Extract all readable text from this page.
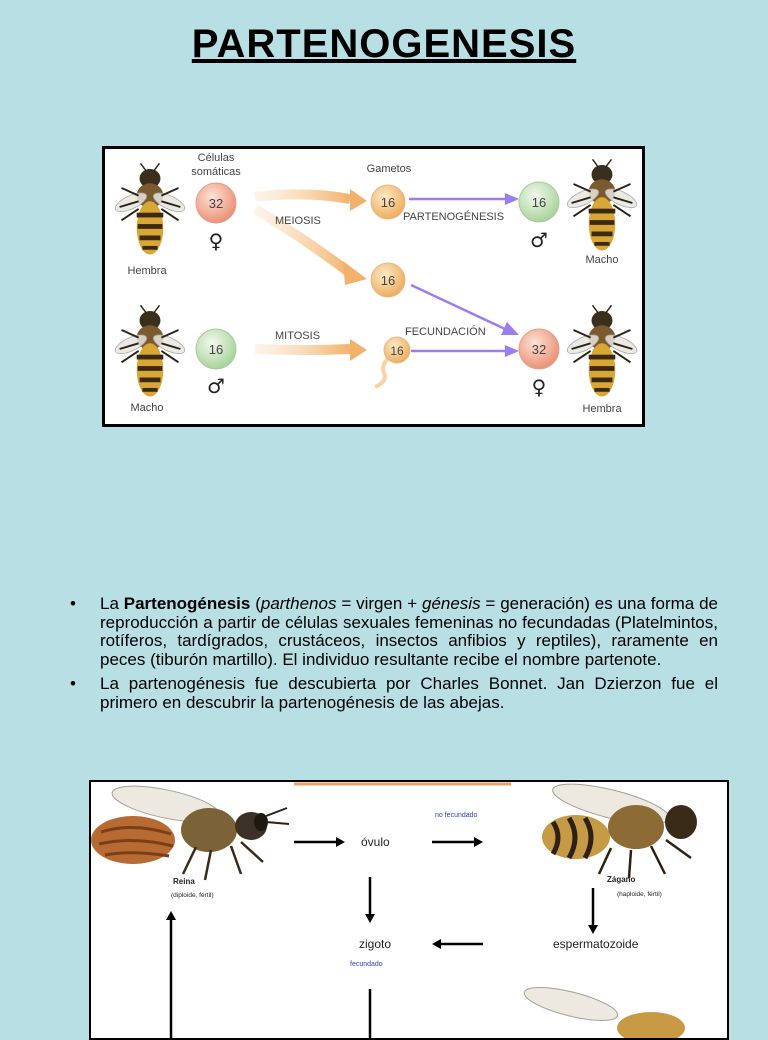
PARTENOGENESIS
32	16	16
16
16	16	32
♀	♂
♂	♀
Células
somáticas	Gametos
MEIOSIS
MITOSIS
PARTENOGÉNESIS
FECUNDACIÓN
Hembra
Macho
Macho
Hembra
• La Partenogénesis (parthenos = virgen + génesis = generación) es una forma de reproducción a partir de células sexuales femeninas no fecundadas (Platelmintos, rotíferos, tardígrados, crustáceos, insectos anfibios y reptiles), raramente en peces (tiburón martillo). El individuo resultante recibe el nombre partenote.
• La partenogénesis fue descubierta por Charles Bonnet. Jan Dzierzon fue el primero en descubrir la partenogénesis de las abejas.
óvulo
no fecundado
zigoto
fecundado
espermatozoide
Reina
(diploide, fértil)
Zágano
(haploide, fértil)
